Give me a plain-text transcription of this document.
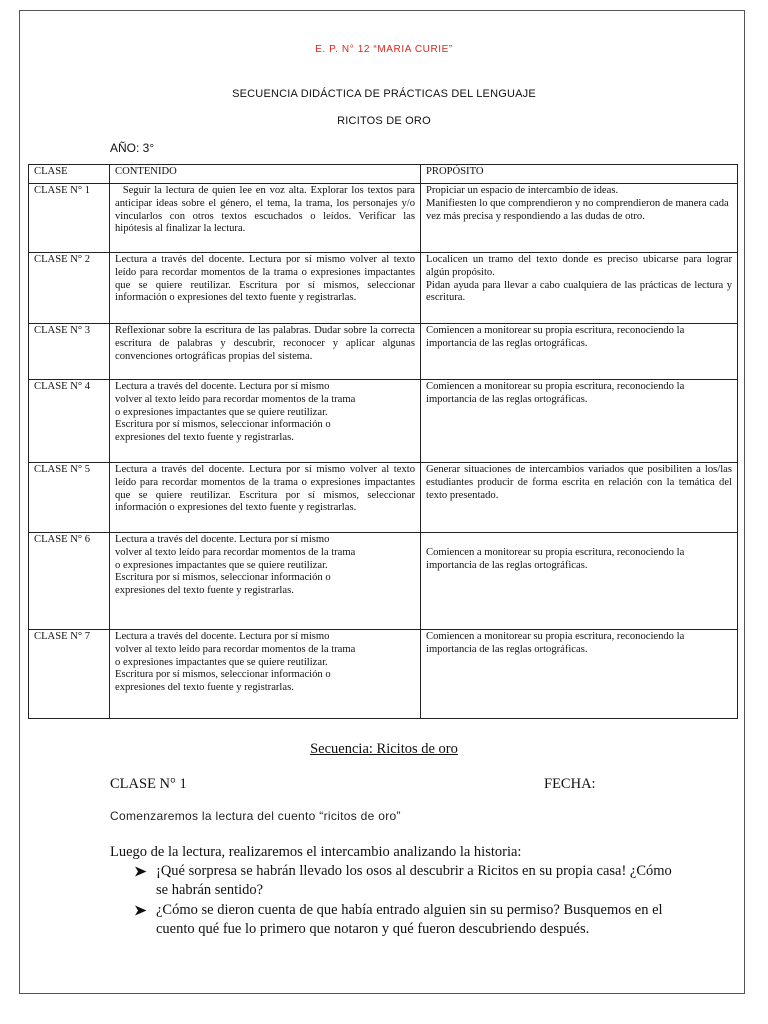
E. P. N° 12 “MARIA CURIE”
SECUENCIA DIDÁCTICA DE PRÁCTICAS DEL LENGUAJE
RICITOS DE ORO
AÑO: 3°
CLASE	CONTENIDO	PROPÓSITO
CLASE N° 1	Seguir la lectura de quien lee en voz alta. Explorar los textos para anticipar ideas sobre el género, el tema, la trama, los personajes y/o vincularlos con otros textos escuchados o leídos. Verificar las hipótesis al finalizar la lectura.	Propiciar un espacio de intercambio de ideas.
Manifiesten lo que comprendieron y no comprendieron de manera cada vez más precisa y respondiendo a las dudas de otro.
CLASE N° 2	Lectura a través del docente. Lectura por sí mismo volver al texto leído para recordar momentos de la trama o expresiones impactantes que se quiere reutilizar. Escritura por sí mismos, seleccionar información o expresiones del texto fuente y registrarlas.	Localicen un tramo del texto donde es preciso ubicarse para lograr algún propósito.
Pidan ayuda para llevar a cabo cualquiera de las prácticas de lectura y escritura.
CLASE N° 3	Reflexionar sobre la escritura de las palabras. Dudar sobre la correcta escritura de palabras y descubrir, reconocer y aplicar algunas convenciones ortográficas propias del sistema.	Comiencen a monitorear su propia escritura, reconociendo la importancia de las reglas ortográficas.
CLASE N° 4	Lectura a través del docente. Lectura por sí mismo
volver al texto leído para recordar momentos de la trama
o expresiones impactantes que se quiere reutilizar.
Escritura por sí mismos, seleccionar información o
expresiones del texto fuente y registrarlas.	Comiencen a monitorear su propia escritura, reconociendo la importancia de las reglas ortográficas.
CLASE N° 5	Lectura a través del docente. Lectura por sí mismo volver al texto leído para recordar momentos de la trama o expresiones impactantes que se quiere reutilizar. Escritura por sí mismos, seleccionar información o expresiones del texto fuente y registrarlas.	Generar situaciones de intercambios variados que posibiliten a los/las estudiantes producir de forma escrita en relación con la temática del texto presentado.
CLASE N° 6	Lectura a través del docente. Lectura por sí mismo
volver al texto leído para recordar momentos de la trama
o expresiones impactantes que se quiere reutilizar.
Escritura por sí mismos, seleccionar información o
expresiones del texto fuente y registrarlas.	Comiencen a monitorear su propia escritura, reconociendo la importancia de las reglas ortográficas.
CLASE N° 7	Lectura a través del docente. Lectura por sí mismo
volver al texto leído para recordar momentos de la trama
o expresiones impactantes que se quiere reutilizar.
Escritura por sí mismos, seleccionar información o
expresiones del texto fuente y registrarlas.	Comiencen a monitorear su propia escritura, reconociendo la importancia de las reglas ortográficas.
Secuencia: Ricitos de oro
CLASE N° 1	FECHA:
Comenzaremos la lectura del cuento “ricitos de oro”
Luego de la lectura, realizaremos el intercambio analizando la historia:
¡Qué sorpresa se habrán llevado los osos al descubrir a Ricitos en su propia casa! ¿Cómo se habrán sentido?
¿Cómo se dieron cuenta de que había entrado alguien sin su permiso? Busquemos en el cuento qué fue lo primero que notaron y qué fueron descubriendo después.
